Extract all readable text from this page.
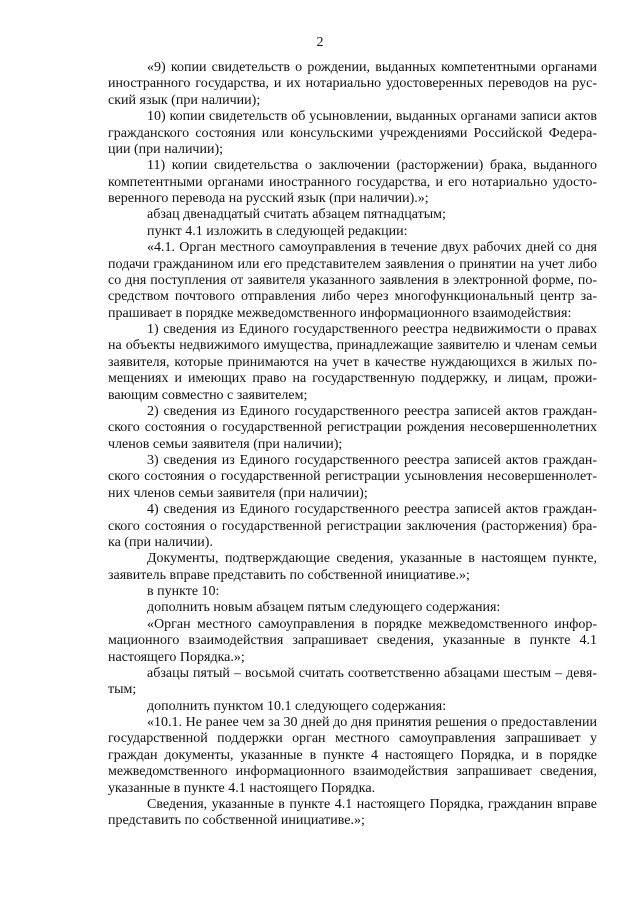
2
«9) копии свидетельств о рождении, выданных компетентными органами
иностранного государства, и их нотариально удостоверенных переводов на рус-
ский язык (при наличии);
10) копии свидетельств об усыновлении, выданных органами записи актов
гражданского состояния или консульскими учреждениями Российской Федера-
ции (при наличии);
11) копии свидетельства о заключении (расторжении) брака, выданного
компетентными органами иностранного государства, и его нотариально удосто-
веренного перевода на русский язык (при наличии).»;
абзац двенадцатый считать абзацем пятнадцатым;
пункт 4.1 изложить в следующей редакции:
«4.1. Орган местного самоуправления в течение двух рабочих дней со дня
подачи гражданином или его представителем заявления о принятии на учет либо
со дня поступления от заявителя указанного заявления в электронной форме, по-
средством почтового отправления либо через многофункциональный центр за-
прашивает в порядке межведомственного информационного взаимодействия:
1) сведения из Единого государственного реестра недвижимости о правах
на объекты недвижимого имущества, принадлежащие заявителю и членам семьи
заявителя, которые принимаются на учет в качестве нуждающихся в жилых по-
мещениях и имеющих право на государственную поддержку, и лицам, прожи-
вающим совместно с заявителем;
2) сведения из Единого государственного реестра записей актов граждан-
ского состояния о государственной регистрации рождения несовершеннолетних
членов семьи заявителя (при наличии);
3) сведения из Единого государственного реестра записей актов граждан-
ского состояния о государственной регистрации усыновления несовершеннолет-
них членов семьи заявителя (при наличии);
4) сведения из Единого государственного реестра записей актов граждан-
ского состояния о государственной регистрации заключения (расторжения) бра-
ка (при наличии).
Документы, подтверждающие сведения, указанные в настоящем пункте,
заявитель вправе представить по собственной инициативе.»;
в пункте 10:
дополнить новым абзацем пятым следующего содержания:
«Орган местного самоуправления в порядке межведомственного инфор-
мационного взаимодействия запрашивает сведения, указанные в пункте 4.1
настоящего Порядка.»;
абзацы пятый – восьмой считать соответственно абзацами шестым – девя-
тым;
дополнить пунктом 10.1 следующего содержания:
«10.1. Не ранее чем за 30 дней до дня принятия решения о предоставлении
государственной поддержки орган местного самоуправления запрашивает у
граждан документы, указанные в пункте 4 настоящего Порядка, и в порядке
межведомственного информационного взаимодействия запрашивает сведения,
указанные в пункте 4.1 настоящего Порядка.
Сведения, указанные в пункте 4.1 настоящего Порядка, гражданин вправе
представить по собственной инициативе.»;
